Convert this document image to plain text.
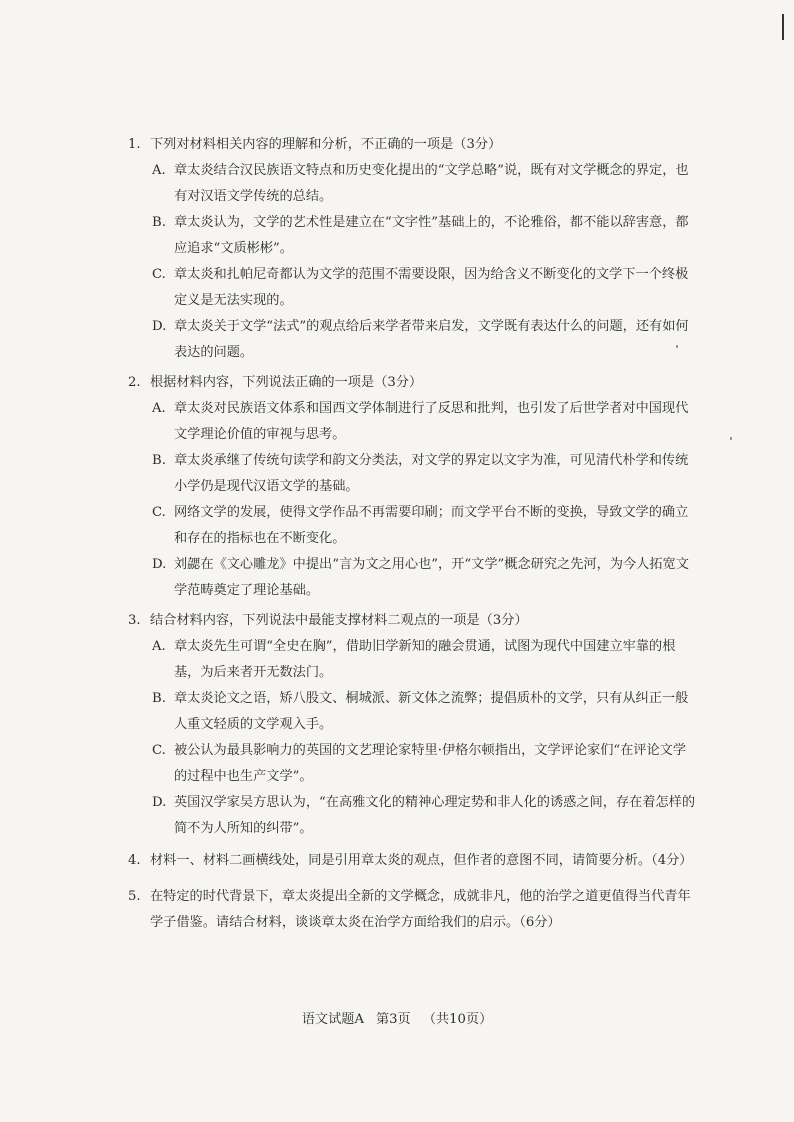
1. 下列对材料相关内容的理解和分析，不正确的一项是（3分）

A. 章太炎结合汉民族语文特点和历史变化提出的“文学总略”说，既有对文学概念的界定，也有对汉语文学传统的总结。

B. 章太炎认为，文学的艺术性是建立在“文字性”基础上的，不论雅俗，都不能以辞害意，都应追求“文质彬彬”。

C. 章太炎和扎帕尼奇都认为文学的范围不需要设限，因为给含义不断变化的文学下一个终极定义是无法实现的。

D. 章太炎关于文学“法式”的观点给后来学者带来启发，文学既有表达什么的问题，还有如何表达的问题。

2. 根据材料内容，下列说法正确的一项是（3分）

A. 章太炎对民族语文体系和国西文学体制进行了反思和批判，也引发了后世学者对中国现代文学理论价值的审视与思考。

B. 章太炎承继了传统句读学和韵文分类法，对文学的界定以文字为准，可见清代朴学和传统小学仍是现代汉语文学的基础。

C. 网络文学的发展，使得文学作品不再需要印刷；而文学平台不断的变换，导致文学的确立和存在的指标也在不断变化。

D. 刘勰在《文心雕龙》中提出“言为文之用心也”，开“文学”概念研究之先河，为今人拓宽文学范畴奠定了理论基础。

3. 结合材料内容，下列说法中最能支撑材料二观点的一项是（3分）

A. 章太炎先生可谓“全史在胸”，借助旧学新知的融会贯通，试图为现代中国建立牢靠的根基，为后来者开无数法门。

B. 章太炎论文之语，矫八股文、桐城派、新文体之流弊；提倡质朴的文学，只有从纠正一般人重文轻质的文学观入手。

C. 被公认为最具影响力的英国的文艺理论家特里·伊格尔顿指出，文学评论家们“在评论文学的过程中也生产文学”。

D. 英国汉学家吴方思认为，“在高雅文化的精神心理定势和非人化的诱惑之间，存在着怎样的简不为人所知的纠带”。

4. 材料一、材料二画横线处，同是引用章太炎的观点，但作者的意图不同，请简要分析。（4分）

5. 在特定的时代背景下，章太炎提出全新的文学概念，成就非凡，他的治学之道更值得当代青年学子借鉴。请结合材料，谈谈章太炎在治学方面给我们的启示。（6分）

语文试题A 第3页 （共10页）
